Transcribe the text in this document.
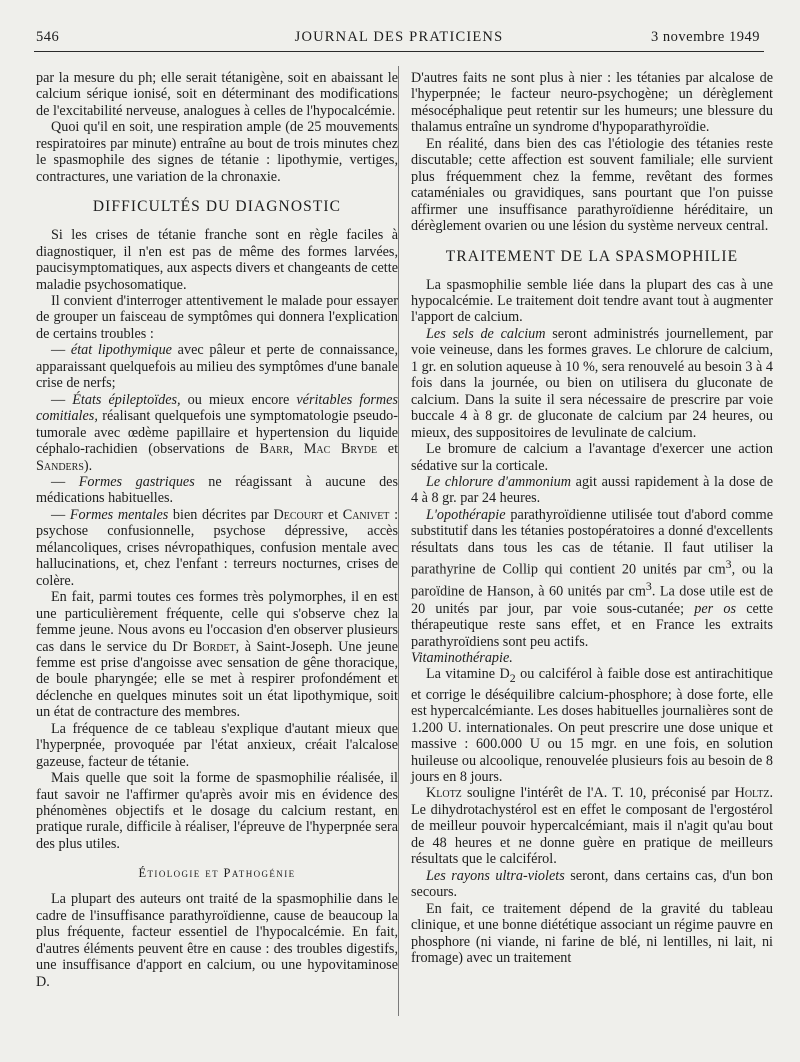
546	JOURNAL DES PRATICIENS	3 novembre 1949

par la mesure du ph; elle serait tétanigène, soit en abaissant le calcium sérique ionisé, soit en déterminant des modifications de l'excitabilité nerveuse, analogues à celles de l'hypocalcémie.

Quoi qu'il en soit, une respiration ample (de 25 mouvements respiratoires par minute) entraîne au bout de trois minutes chez le spasmophile des signes de tétanie : lipothymie, vertiges, contractures, une variation de la chronaxie.

DIFFICULTÉS DU DIAGNOSTIC

Si les crises de tétanie franche sont en règle faciles à diagnostiquer, il n'en est pas de même des formes larvées, paucisymptomatiques, aux aspects divers et changeants de cette maladie psychosomatique.

Il convient d'interroger attentivement le malade pour essayer de grouper un faisceau de symptômes qui donnera l'explication de certains troubles :

— état lipothymique avec pâleur et perte de connaissance, apparaissant quelquefois au milieu des symptômes d'une banale crise de nerfs;

— États épileptoïdes, ou mieux encore véritables formes comitiales, réalisant quelquefois une symptomatologie pseudo-tumorale avec œdème papillaire et hypertension du liquide céphalo-rachidien (observations de Barr, Mac Bryde et Sanders).

— Formes gastriques ne réagissant à aucune des médications habituelles.

— Formes mentales bien décrites par Decourt et Canivet : psychose confusionnelle, psychose dépressive, accès mélancoliques, crises névropathiques, confusion mentale avec hallucinations, et, chez l'enfant : terreurs nocturnes, crises de colère.

En fait, parmi toutes ces formes très polymorphes, il en est une particulièrement fréquente, celle qui s'observe chez la femme jeune. Nous avons eu l'occasion d'en observer plusieurs cas dans le service du Dr Bordet, à Saint-Joseph. Une jeune femme est prise d'angoisse avec sensation de gêne thoracique, de boule pharyngée; elle se met à respirer profondément et déclenche en quelques minutes soit un état lipothymique, soit un état de contracture des membres.

La fréquence de ce tableau s'explique d'autant mieux que l'hyperpnée, provoquée par l'état anxieux, créait l'alcalose gazeuse, facteur de tétanie.

Mais quelle que soit la forme de spasmophilie réalisée, il faut savoir ne l'affirmer qu'après avoir mis en évidence des phénomènes objectifs et le dosage du calcium restant, en pratique rurale, difficile à réaliser, l'épreuve de l'hyperpnée sera des plus utiles.

Étiologie et Pathogénie

La plupart des auteurs ont traité de la spasmophilie dans le cadre de l'insuffisance parathyroïdienne, cause de beaucoup la plus fréquente, facteur essentiel de l'hypocalcémie. En fait, d'autres éléments peuvent être en cause : des troubles digestifs, une insuffisance d'apport en calcium, ou une hypovitaminose D.

D'autres faits ne sont plus à nier : les tétanies par alcalose de l'hyperpnée; le facteur neuro-psychogène; un dérèglement mésocéphalique peut retentir sur les humeurs; une blessure du thalamus entraîne un syndrome d'hypoparathyroïdie.

En réalité, dans bien des cas l'étiologie des tétanies reste discutable; cette affection est souvent familiale; elle survient plus fréquemment chez la femme, revêtant des formes cataméniales ou gravidiques, sans pourtant que l'on puisse affirmer une insuffisance parathyroïdienne héréditaire, un dérèglement ovarien ou une lésion du système nerveux central.

TRAITEMENT DE LA SPASMOPHILIE

La spasmophilie semble liée dans la plupart des cas à une hypocalcémie. Le traitement doit tendre avant tout à augmenter l'apport de calcium.

Les sels de calcium seront administrés journellement, par voie veineuse, dans les formes graves. Le chlorure de calcium, 1 gr. en solution aqueuse à 10 %, sera renouvelé au besoin 3 à 4 fois dans la journée, ou bien on utilisera du gluconate de calcium. Dans la suite il sera nécessaire de prescrire par voie buccale 4 à 8 gr. de gluconate de calcium par 24 heures, ou mieux, des suppositoires de levulinate de calcium.

Le bromure de calcium a l'avantage d'exercer une action sédative sur la corticale.

Le chlorure d'ammonium agit aussi rapidement à la dose de 4 à 8 gr. par 24 heures.

L'opothérapie parathyroïdienne utilisée tout d'abord comme substitutif dans les tétanies postopératoires a donné d'excellents résultats dans tous les cas de tétanie. Il faut utiliser la parathyrine de Collip qui contient 20 unités par $cm^3$, ou la paroïdine de Hanson, à 60 unités par $cm^3$. La dose utile est de 20 unités par jour, par voie sous-cutanée; per os cette thérapeutique reste sans effet, et en France les extraits parathyroïdiens sont peu actifs.

Vitaminothérapie.

La vitamine $D_2$ ou calciférol à faible dose est antirachitique et corrige le déséquilibre calcium-phosphore; à dose forte, elle est hypercalcémiante. Les doses habituelles journalières sont de 1.200 U. internationales. On peut prescrire une dose unique et massive : 600.000 U ou 15 mgr. en une fois, en solution huileuse ou alcoolique, renouvelée plusieurs fois au besoin de 8 jours en 8 jours.

Klotz souligne l'intérêt de l'A. T. 10, préconisé par Holtz. Le dihydrotachystérol est en effet le composant de l'ergostérol de meilleur pouvoir hypercalcémiant, mais il n'agit qu'au bout de 48 heures et ne donne guère en pratique de meilleurs résultats que le calciférol.

Les rayons ultra-violets seront, dans certains cas, d'un bon secours.

En fait, ce traitement dépend de la gravité du tableau clinique, et une bonne diététique associant un régime pauvre en phosphore (ni viande, ni farine de blé, ni lentilles, ni lait, ni fromage) avec un traitement
